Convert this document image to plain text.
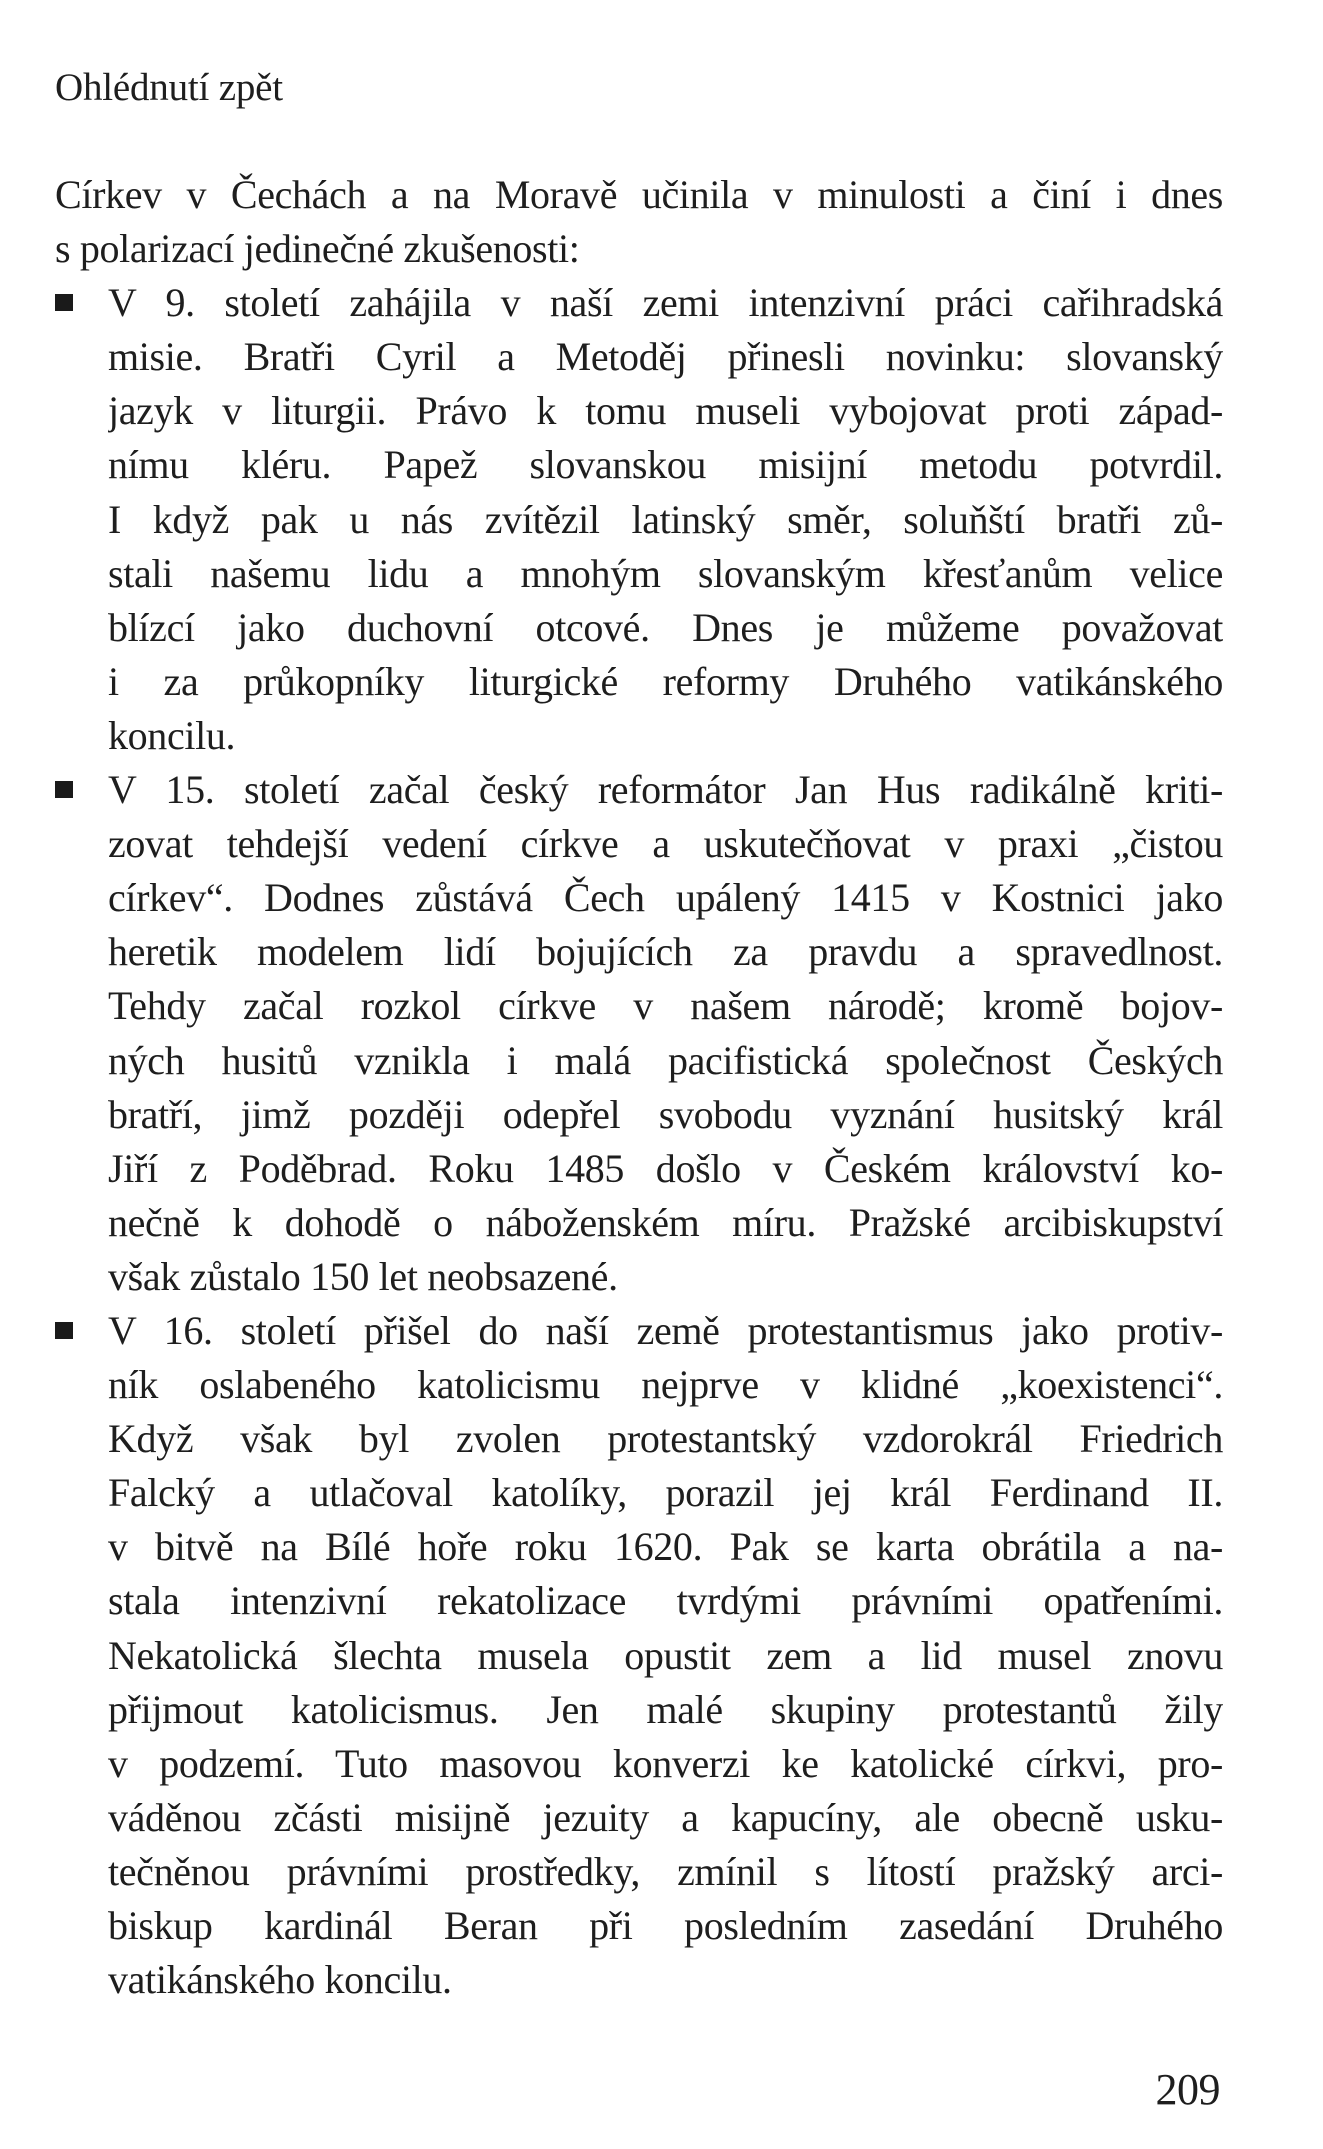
Ohlédnutí zpět
Církev v Čechách a na Moravě učinila v minulosti a činí i dnes
s polarizací jedinečné zkušenosti:
V 9. století zahájila v naší zemi intenzivní práci cařihradská
misie. Bratři Cyril a Metoděj přinesli novinku: slovanský
jazyk v liturgii. Právo k tomu museli vybojovat proti západ-
nímu kléru. Papež slovanskou misijní metodu potvrdil.
I když pak u nás zvítězil latinský směr, soluňští bratři zů-
stali našemu lidu a mnohým slovanským křesťanům velice
blízcí jako duchovní otcové. Dnes je můžeme považovat
i za průkopníky liturgické reformy Druhého vatikánského
koncilu.
V 15. století začal český reformátor Jan Hus radikálně kriti-
zovat tehdejší vedení církve a uskutečňovat v praxi „čistou
církev“. Dodnes zůstává Čech upálený 1415 v Kostnici jako
heretik modelem lidí bojujících za pravdu a spravedlnost.
Tehdy začal rozkol církve v našem národě; kromě bojov-
ných husitů vznikla i malá pacifistická společnost Českých
bratří, jimž později odepřel svobodu vyznání husitský král
Jiří z Poděbrad. Roku 1485 došlo v Českém království ko-
nečně k dohodě o náboženském míru. Pražské arcibiskupství
však zůstalo 150 let neobsazené.
V 16. století přišel do naší země protestantismus jako protiv-
ník oslabeného katolicismu nejprve v klidné „koexistenci“.
Když však byl zvolen protestantský vzdorokrál Friedrich
Falcký a utlačoval katolíky, porazil jej král Ferdinand II.
v bitvě na Bílé hoře roku 1620. Pak se karta obrátila a na-
stala intenzivní rekatolizace tvrdými právními opatřeními.
Nekatolická šlechta musela opustit zem a lid musel znovu
přijmout katolicismus. Jen malé skupiny protestantů žily
v podzemí. Tuto masovou konverzi ke katolické církvi, pro-
váděnou zčásti misijně jezuity a kapucíny, ale obecně usku-
tečněnou právními prostředky, zmínil s lítostí pražský arci-
biskup kardinál Beran při posledním zasedání Druhého
vatikánského koncilu.
209
